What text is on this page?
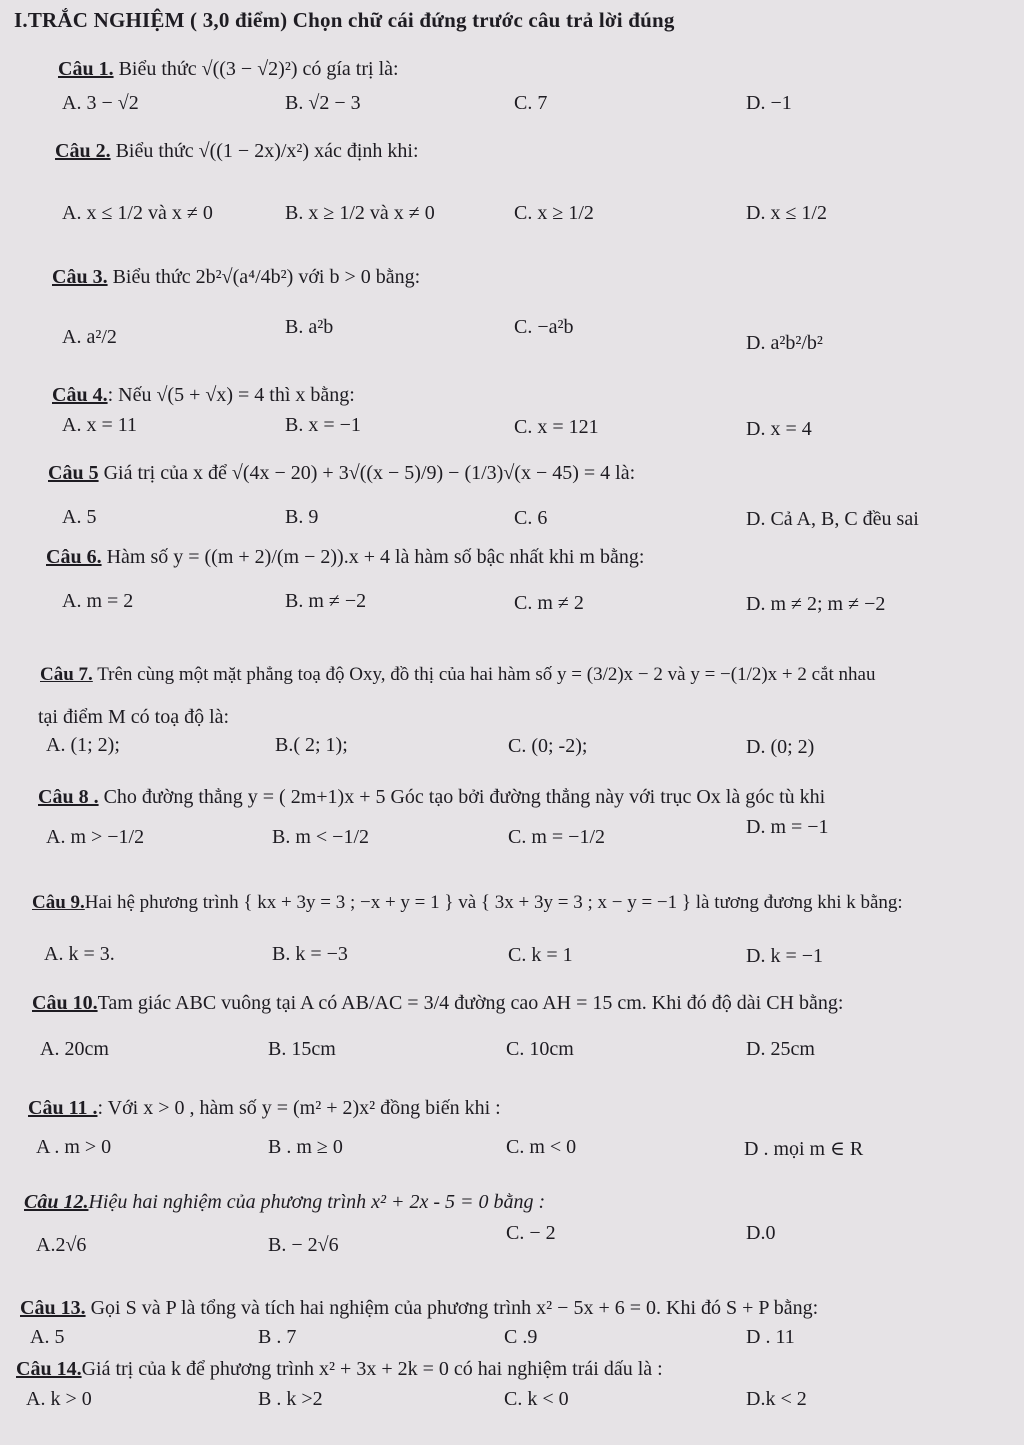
I.TRẮC NGHIỆM ( 3,0 điểm) Chọn chữ cái đứng trước câu trả lời đúng
Câu 1. Biểu thức √((3 − √2)²) có gía trị là:
A. 3 − √2	B. √2 − 3	C. 7	D. −1
Câu 2. Biểu thức √((1 − 2x)/x²) xác định khi:
A. x ≤ 1/2 và x ≠ 0	B. x ≥ 1/2 và x ≠ 0	C. x ≥ 1/2	D. x ≤ 1/2
Câu 3. Biểu thức 2b²√(a⁴/4b²) với b > 0 bằng:
A. a²/2	B. a²b	C. −a²b
D. a²b²/b²
Câu 4.: Nếu √(5 + √x) = 4 thì x bằng:
A. x = 11	B. x = −1	C. x = 121	D. x = 4
Câu 5 Giá trị của x để √(4x − 20) + 3√((x − 5)/9) − (1/3)√(x − 45) = 4 là:
A. 5	B. 9	C. 6	D. Cả A, B, C đều sai
Câu 6. Hàm số y = ((m + 2)/(m − 2)).x + 4 là hàm số bậc nhất khi m bằng:
A. m = 2	B. m ≠ −2	C. m ≠ 2	D. m ≠ 2; m ≠ −2
Câu 7. Trên cùng một mặt phẳng toạ độ Oxy, đồ thị của hai hàm số y = (3/2)x − 2 và y = −(1/2)x + 2 cắt nhau
tại điểm M có toạ độ là:
A. (1; 2);	B.( 2; 1);	C. (0; -2);	D. (0; 2)
Câu 8 . Cho đường thẳng y = ( 2m+1)x + 5 Góc tạo bởi đường thẳng này với trục Ox là góc tù khi
A. m > −1/2	B. m < −1/2	C. m = −1/2	D. m = −1
Câu 9.Hai hệ phương trình { kx + 3y = 3 ; −x + y = 1 } và { 3x + 3y = 3 ; x − y = −1 } là tương đương khi k bằng:
A. k = 3.	B. k = −3	C. k = 1	D. k = −1
Câu 10.Tam giác ABC vuông tại A có AB/AC = 3/4 đường cao AH = 15 cm. Khi đó độ dài CH bằng:
A. 20cm	B. 15cm	C. 10cm	D. 25cm
Câu 11 .: Với x > 0 , hàm số y = (m² + 2)x² đồng biến khi :
A . m > 0	B . m ≥ 0	C. m < 0	D . mọi m ∈ R
Câu 12.Hiệu hai nghiệm của phương trình x² + 2x - 5 = 0 bằng :
A.2√6	B. − 2√6
C. − 2	D.0
Câu 13. Gọi S và P là tổng và tích hai nghiệm của phương trình x² − 5x + 6 = 0. Khi đó S + P bằng:
A. 5	B . 7	C .9	D . 11
Câu 14.Giá trị của k để phương trình x² + 3x + 2k = 0 có hai nghiệm trái dấu là :
A. k > 0	B . k >2	C. k < 0	D.k < 2
